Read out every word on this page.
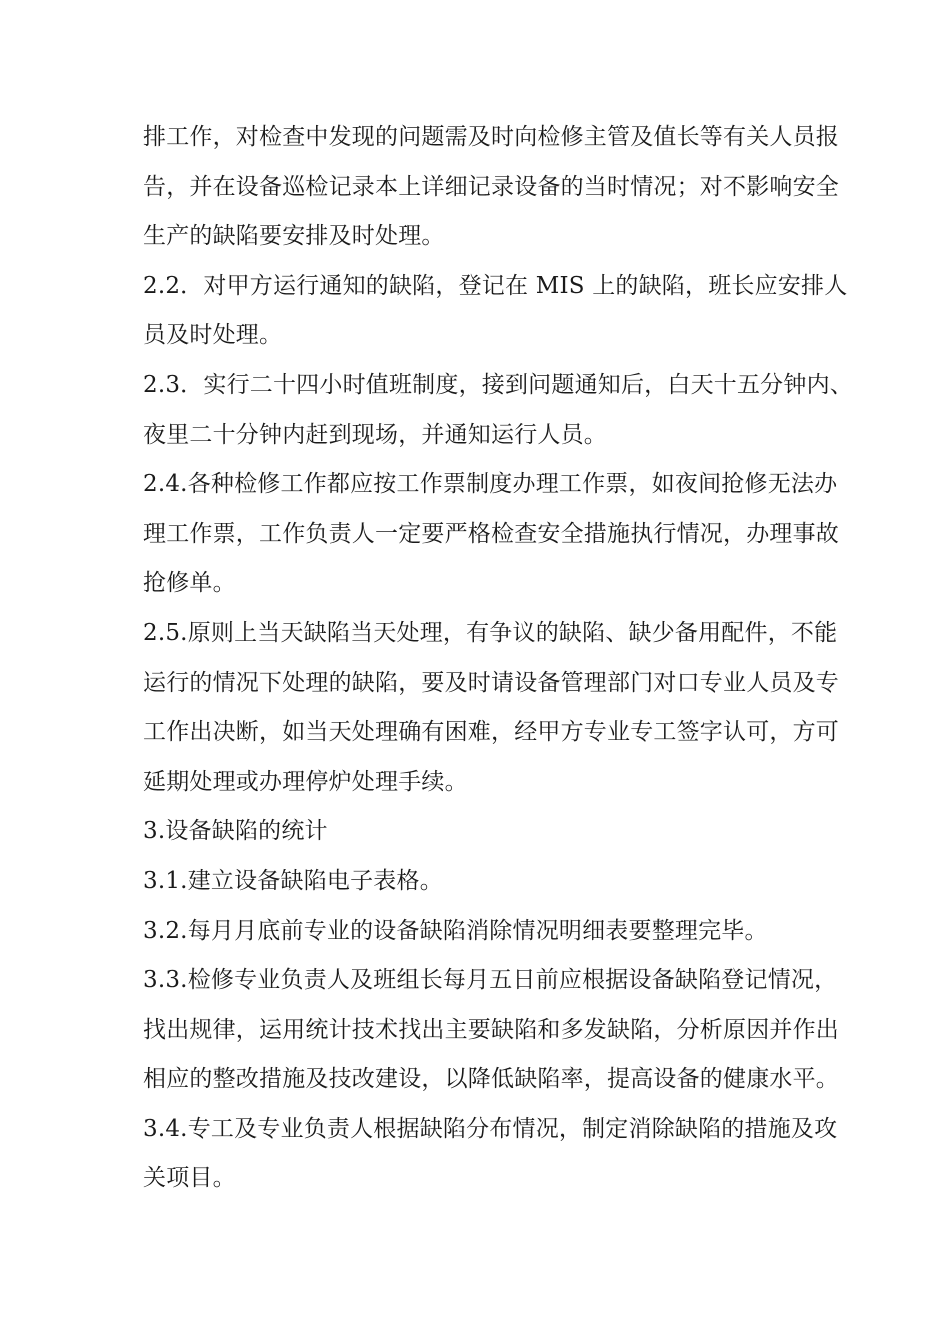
排工作，对检查中发现的问题需及时向检修主管及值长等有关人员报
告，并在设备巡检记录本上详细记录设备的当时情况；对不影响安全
生产的缺陷要安排及时处理。
2.2．对甲方运行通知的缺陷，登记在 MIS 上的缺陷，班长应安排人
员及时处理。
2.3．实行二十四小时值班制度，接到问题通知后，白天十五分钟内、
夜里二十分钟内赶到现场，并通知运行人员。
2.4.各种检修工作都应按工作票制度办理工作票，如夜间抢修无法办
理工作票，工作负责人一定要严格检查安全措施执行情况，办理事故
抢修单。
2.5.原则上当天缺陷当天处理，有争议的缺陷、缺少备用配件，不能
运行的情况下处理的缺陷，要及时请设备管理部门对口专业人员及专
工作出决断，如当天处理确有困难，经甲方专业专工签字认可，方可
延期处理或办理停炉处理手续。
3.设备缺陷的统计
3.1.建立设备缺陷电子表格。
3.2.每月月底前专业的设备缺陷消除情况明细表要整理完毕。
3.3.检修专业负责人及班组长每月五日前应根据设备缺陷登记情况，
找出规律，运用统计技术找出主要缺陷和多发缺陷，分析原因并作出
相应的整改措施及技改建设，以降低缺陷率，提高设备的健康水平。
3.4.专工及专业负责人根据缺陷分布情况，制定消除缺陷的措施及攻
关项目。
